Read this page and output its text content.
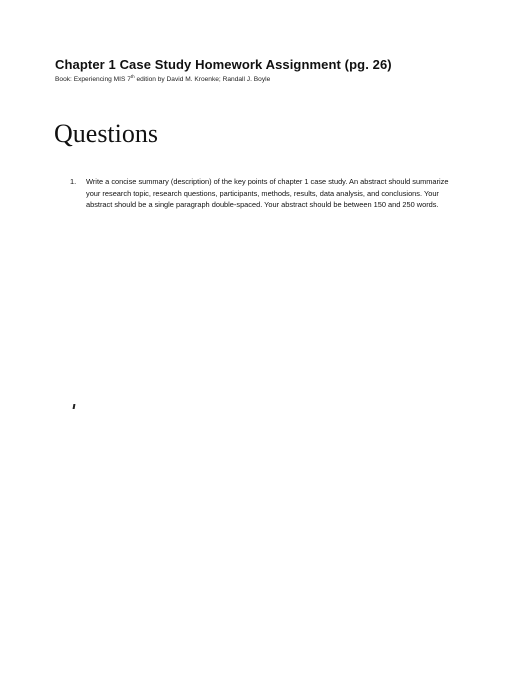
Chapter 1 Case Study Homework Assignment (pg. 26)
Book: Experiencing MIS 7th edition by David M. Kroenke; Randall J. Boyle
Questions
1. Write a concise summary (description) of the key points of chapter 1 case study. An abstract should summarize your research topic, research questions, participants, methods, results, data analysis, and conclusions. Your abstract should be a single paragraph double-spaced. Your abstract should be between 150 and 250 words.
